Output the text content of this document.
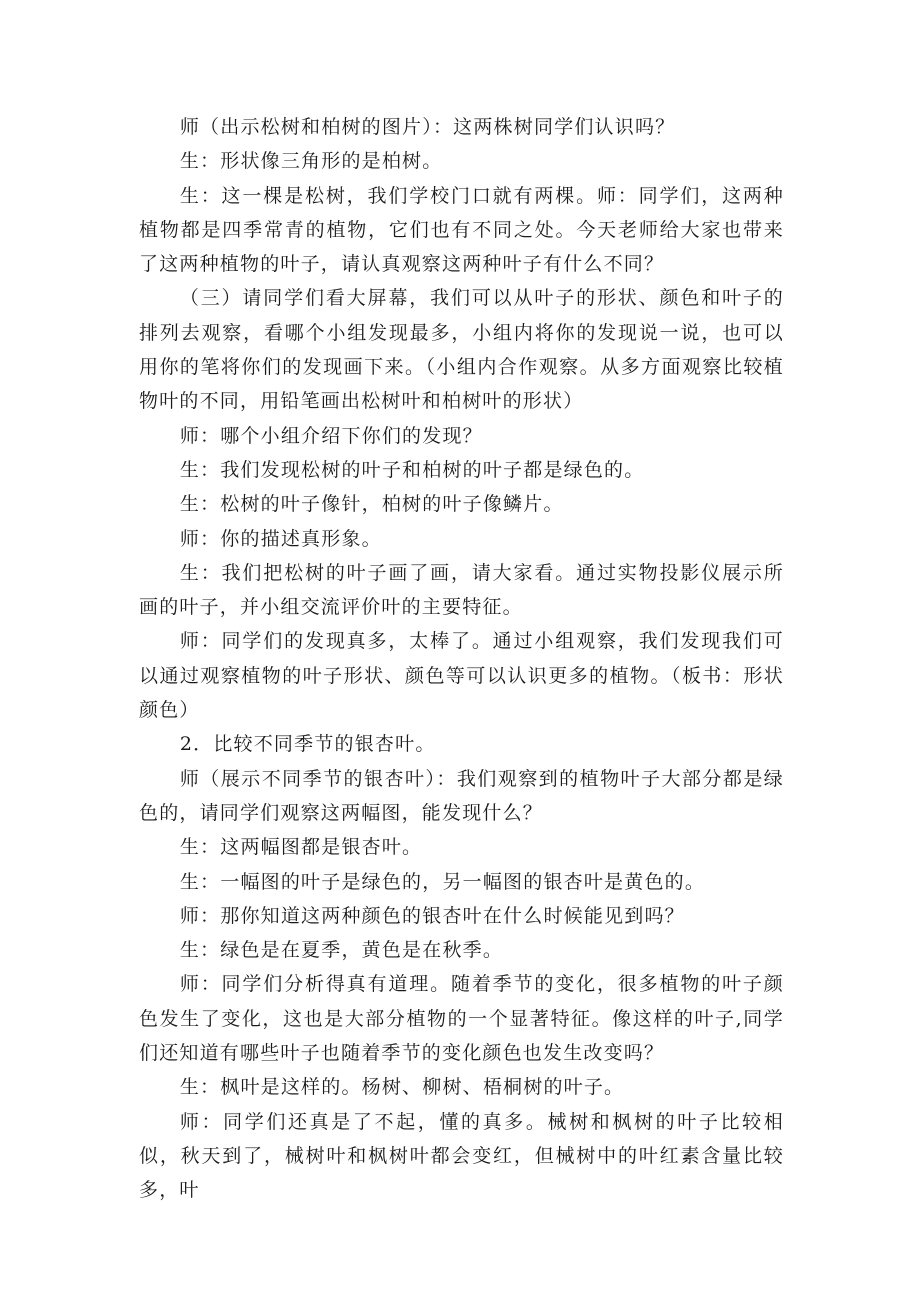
师（出示松树和柏树的图片）：这两株树同学们认识吗？

生：形状像三角形的是柏树。

生：这一棵是松树，我们学校门口就有两棵。师：同学们，这两种植物都是四季常青的植物，它们也有不同之处。今天老师给大家也带来了这两种植物的叶子，请认真观察这两种叶子有什么不同？

（三）请同学们看大屏幕，我们可以从叶子的形状、颜色和叶子的排列去观察，看哪个小组发现最多，小组内将你的发现说一说，也可以用你的笔将你们的发现画下来。（小组内合作观察。从多方面观察比较植物叶的不同，用铅笔画出松树叶和柏树叶的形状）

师：哪个小组介绍下你们的发现？

生：我们发现松树的叶子和柏树的叶子都是绿色的。

生：松树的叶子像针，柏树的叶子像鳞片。

师：你的描述真形象。

生：我们把松树的叶子画了画，请大家看。通过实物投影仪展示所画的叶子，并小组交流评价叶的主要特征。

师：同学们的发现真多，太棒了。通过小组观察，我们发现我们可以通过观察植物的叶子形状、颜色等可以认识更多的植物。（板书：形状颜色）

2．比较不同季节的银杏叶。

师（展示不同季节的银杏叶）：我们观察到的植物叶子大部分都是绿色的，请同学们观察这两幅图，能发现什么？

生：这两幅图都是银杏叶。

生：一幅图的叶子是绿色的，另一幅图的银杏叶是黄色的。

师：那你知道这两种颜色的银杏叶在什么时候能见到吗？

生：绿色是在夏季，黄色是在秋季。

师：同学们分析得真有道理。随着季节的变化，很多植物的叶子颜色发生了变化，这也是大部分植物的一个显著特征。像这样的叶子,同学们还知道有哪些叶子也随着季节的变化颜色也发生改变吗？

生：枫叶是这样的。杨树、柳树、梧桐树的叶子。

师：同学们还真是了不起，懂的真多。械树和枫树的叶子比较相似，秋天到了，械树叶和枫树叶都会变红，但械树中的叶红素含量比较多，叶
